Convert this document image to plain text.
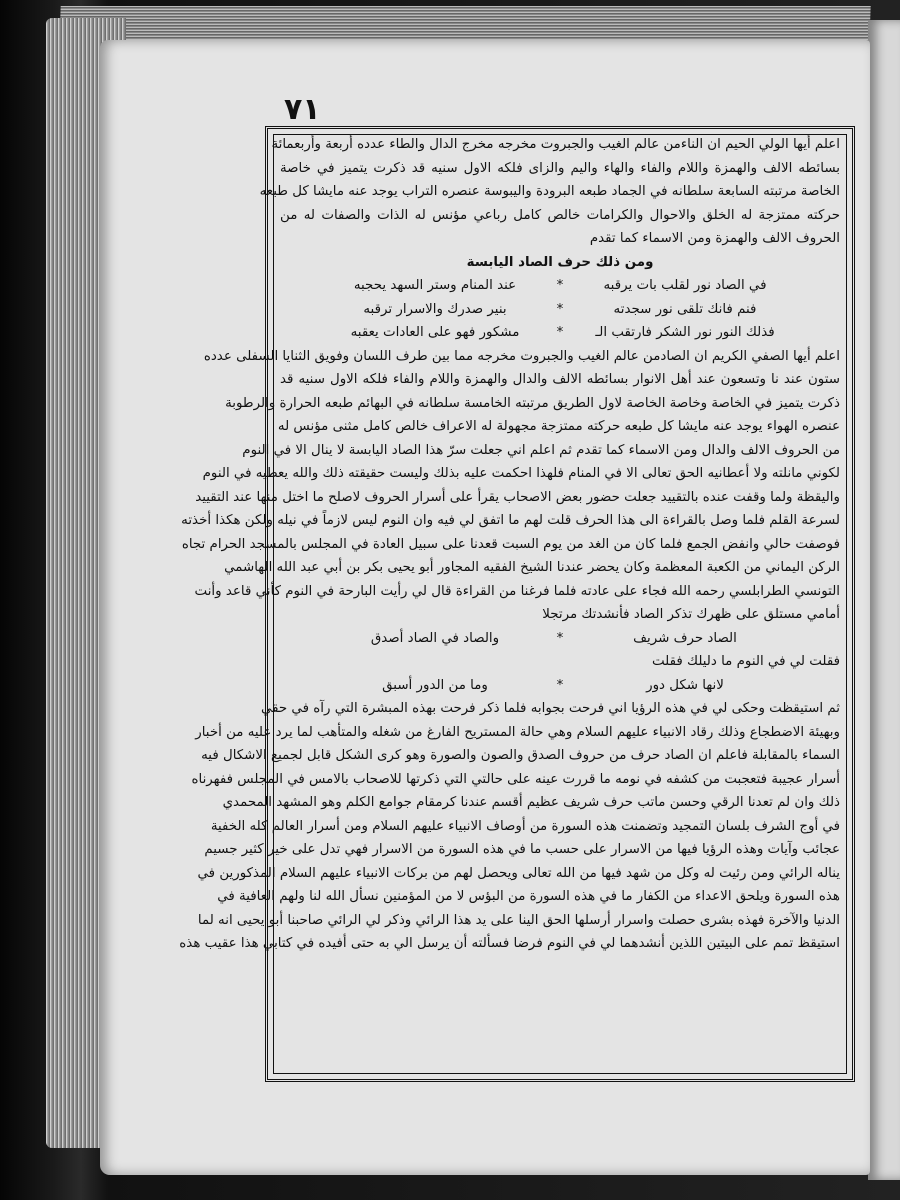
٧١
اعلم أيها الولي الحيم ان الناءمن عالم الغيب والجبروت مخرجه مخرج الدال والطاء عدده أربعة وأربعمائة
بسائطه الالف والهمزة واللام والفاء والهاء واليم والزاى فلكه الاول سنيه قد ذكرت يتميز في خاصة
الخاصة مرتبته السابعة سلطانه في الجماد طبعه البرودة واليبوسة عنصره التراب يوجد عنه مايشا كل طبعه
حركته ممتزجة له الخلق والاحوال والكرامات خالص كامل رباعي مؤنس له الذات والصفات له من
الحروف الالف والهمزة ومن الاسماء كما تقدم
ومن ذلك حرف الصاد اليابسة
في الصاد نور لقلب بات يرقبه
*
عند المنام وستر السهد يحجبه
فنم فانك تلقى نور سجدته
*
بنير صدرك والاسرار ترقبه
فذلك النور نور الشكر فارتقب الـ
*
مشكور فهو على العادات يعقبه
اعلم أيها الصفي الكريم ان الصادمن عالم الغيب والجبروت مخرجه مما بين طرف اللسان وفويق الثنايا السفلى عدده
ستون عند نا وتسعون عند أهل الانوار بسائطه الالف والدال والهمزة واللام والفاء فلكه الاول سنيه قد
ذكرت يتميز في الخاصة وخاصة الخاصة لاول الطريق مرتبته الخامسة سلطانه في البهائم طبعه الحرارة والرطوبة
عنصره الهواء يوجد عنه مايشا كل طبعه حركته ممتزجة مجهولة له الاعراف خالص كامل مثنى مؤنس له
من الحروف الالف والدال ومن الاسماء كما تقدم ثم اعلم اني جعلت سرّ هذا الصاد اليابسة لا ينال الا في النوم
لكوني مانلته ولا أعطانيه الحق تعالى الا في المنام فلهذا احكمت عليه بذلك وليست حقيقته ذلك والله يعطيه في النوم
واليقظة ولما وقفت عنده بالتقييد جعلت حضور بعض الاصحاب يقرأ على أسرار الحروف لاصلح ما اختل منها عند التقييد
لسرعة القلم فلما وصل بالقراءة الى هذا الحرف قلت لهم ما اتفق لي فيه وان النوم ليس لازماً في نيله ولكن هكذا أخذته
فوصفت حالي وانفض الجمع فلما كان من الغد من يوم السبت قعدنا على سبيل العادة في المجلس بالمسجد الحرام تجاه
الركن اليماني من الكعبة المعظمة وكان يحضر عندنا الشيخ الفقيه المجاور أبو يحيى بكر بن أبي عبد الله الهاشمي
التونسي الطرابلسي رحمه الله فجاء على عادته فلما فرغنا من القراءة قال لي رأيت البارحة في النوم كأني قاعد وأنت
أمامي مستلق على ظهرك تذكر الصاد فأنشدتك مرتجلا
الصاد حرف شريف
*
والصاد في الصاد أصدق
فقلت لي في النوم ما دليلك فقلت
لانها شكل دور
*
وما من الدور أسبق
ثم استيقظت وحكى لي في هذه الرؤيا اني فرحت بجوابه فلما ذكر فرحت بهذه المبشرة التي رآه في حقي
وبهيئة الاضطجاع وذلك رقاد الانبياء عليهم السلام وهي حالة المستريح الفارغ من شغله والمتأهب لما يرد عليه من أخبار
السماء بالمقابلة فاعلم ان الصاد حرف من حروف الصدق والصون والصورة وهو كرى الشكل قابل لجميع الاشكال فيه
أسرار عجيبة فتعجبت من كشفه في نومه ما قررت عينه على حالتي التي ذكرتها للاصحاب بالامس في المجلس ففهرناه
ذلك وان لم تعدنا الرقي وحسن ماتب حرف شريف عظيم أقسم عندنا كرمقام جوامع الكلم وهو المشهد المحمدي
في أوج الشرف بلسان التمجيد وتضمنت هذه السورة من أوصاف الانبياء عليهم السلام ومن أسرار العالم كله الخفية
عجائب وآيات وهذه الرؤيا فيها من الاسرار على حسب ما في هذه السورة من الاسرار فهي تدل على خير كثير جسيم
يناله الرائي ومن رئيت له وكل من شهد فيها من الله تعالى ويحصل لهم من بركات الانبياء عليهم السلام المذكورين في
هذه السورة ويلحق الاعداء من الكفار ما في هذه السورة من البؤس لا من المؤمنين نسأل الله لنا ولهم العافية في
الدنيا والآخرة فهذه بشرى حصلت واسرار أرسلها الحق الينا على يد هذا الرائي وذكر لي الرائي صاحبنا أبو يحيى انه لما
استيقظ تمم على البيتين اللذين أنشدهما لي في النوم فرضا فسألته أن يرسل الي به حتى أفيده في كتابي هذا عقيب هذه
